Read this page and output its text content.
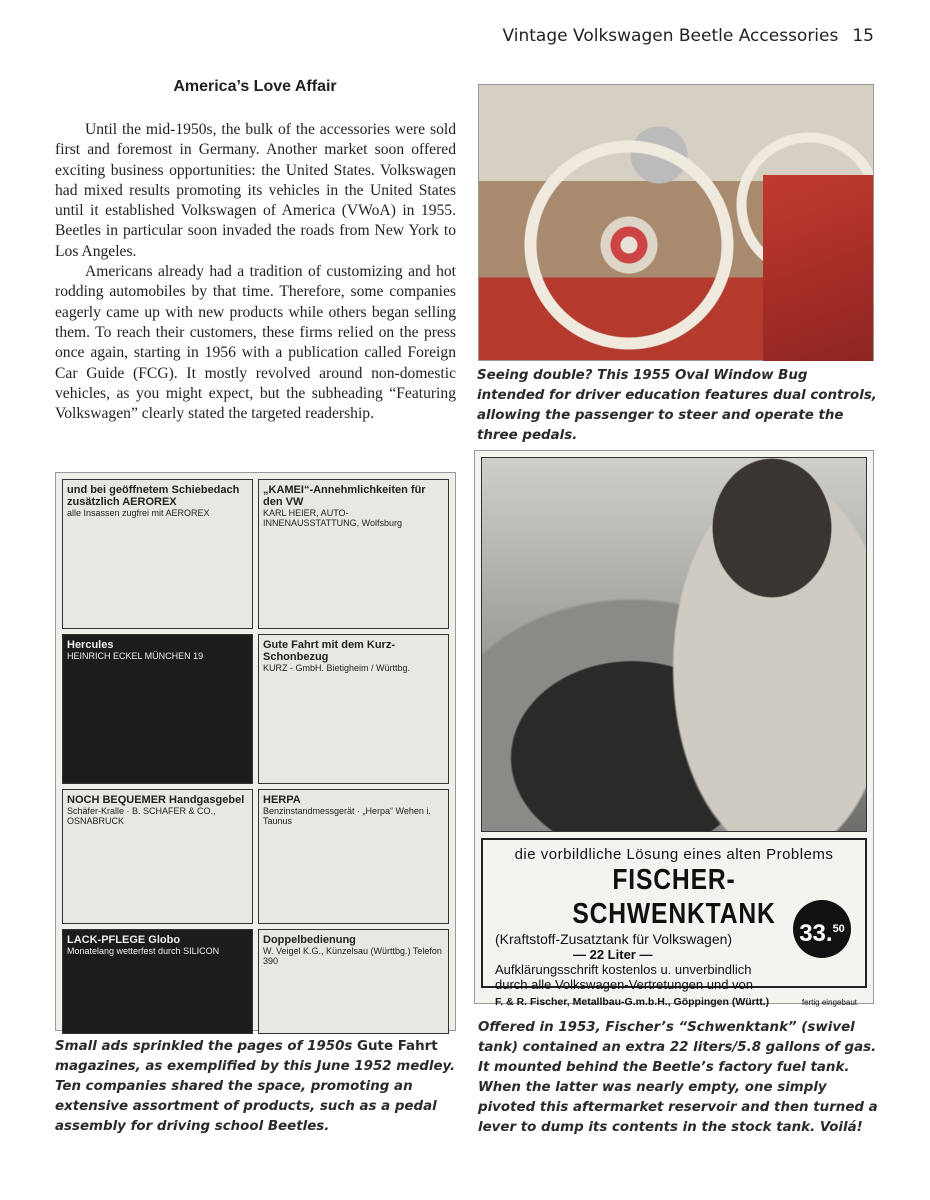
Vintage Volkswagen Beetle Accessories 15
America’s Love Affair

Until the mid-1950s, the bulk of the accessories were sold first and foremost in Germany. Another market soon offered exciting business opportunities: the United States. Volkswagen had mixed results promoting its vehicles in the United States until it established Volkswagen of America (VWoA) in 1955. Beetles in particular soon invaded the roads from New York to Los Angeles.

Americans already had a tradition of customizing and hot rodding automobiles by that time. Therefore, some companies eagerly came up with new products while others began selling them. To reach their customers, these firms relied on the press once again, starting in 1956 with a publication called Foreign Car Guide (FCG). It mostly revolved around non-domestic vehicles, as you might expect, but the subheading “Featuring Volkswagen” clearly stated the targeted readership.

Seeing double? This 1955 Oval Window Bug intended for driver education features dual controls, allowing the passenger to steer and operate the three pedals.
und bei geöffnetem Schiebedach zusätzlich AEROREX
alle Insassen zugfrei mit AEROREX
„KAMEI“-Annehmlichkeiten für den VW
KARL HEIER, AUTO-INNENAUSSTATTUNG, Wolfsburg
Hercules
HEINRICH ECKEL MÜNCHEN 19
Gute Fahrt mit dem Kurz-Schonbezug
KURZ - GmbH. Bietigheim / Württbg.
NOCH BEQUEMER Handgasgebel
Schäfer-Kralle · B. SCHAFER & CO., OSNABRUCK
HERPA
Benzinstandmessgerät · „Herpa“ Wehen i. Taunus
LACK-PFLEGE Globo
Monatelang wetterfest durch SILICON
Doppelbedienung
W. Veigel K.G., Künzelsau (Württbg.) Telefon 390
Small ads sprinkled the pages of 1950s Gute Fahrt magazines, as exemplified by this June 1952 medley. Ten companies shared the space, promoting an extensive assortment of products, such as a pedal assembly for driving school Beetles.
die vorbildliche Lösung eines alten Problems
FISCHER-SCHWENKTANK
(Kraftstoff-Zusatztank für Volkswagen)
— 22 Liter —
Aufklärungsschrift kostenlos u. unverbindlich
durch alle Volkswagen-Vertretungen und von
F. & R. Fischer, Metallbau-G.m.b.H., Göppingen (Württ.)	fertig eingebaut
33.50
Offered in 1953, Fischer’s “Schwenktank” (swivel tank) contained an extra 22 liters/5.8 gallons of gas. It mounted behind the Beetle’s factory fuel tank. When the latter was nearly empty, one simply pivoted this aftermarket reservoir and then turned a lever to dump its contents in the stock tank. Voilá!
